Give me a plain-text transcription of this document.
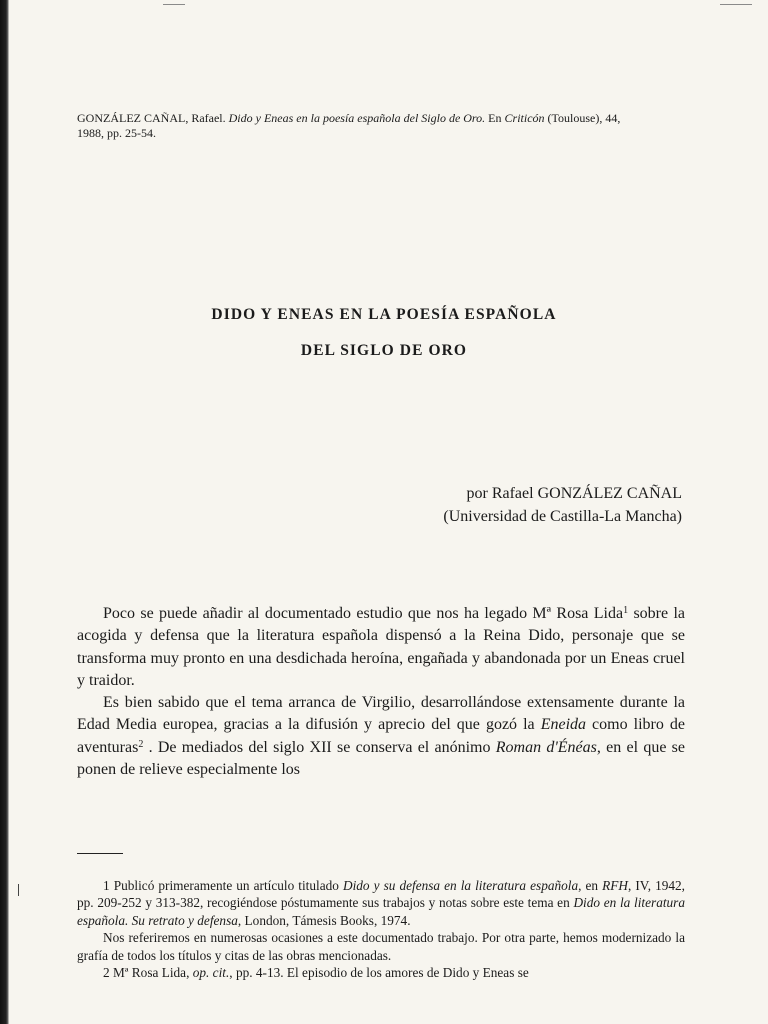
GONZÁLEZ CAÑAL, Rafael. Dido y Eneas en la poesía española del Siglo de Oro. En Criticón (Toulouse), 44,
1988, pp. 25-54.
DIDO Y ENEAS EN LA POESÍA ESPAÑOLA
DEL SIGLO DE ORO
por Rafael GONZÁLEZ CAÑAL
(Universidad de Castilla-La Mancha)

Poco se puede añadir al documentado estudio que nos ha legado Mª Rosa Lida$^1$ sobre la acogida y defensa que la literatura española dispensó a la Reina Dido, personaje que se transforma muy pronto en una desdichada heroína, engañada y abandonada por un Eneas cruel y traidor.

Es bien sabido que el tema arranca de Virgilio, desarrollándose extensamente durante la Edad Media europea, gracias a la difusión y aprecio del que gozó la Eneida como libro de aventuras$^2$ . De mediados del siglo XII se conserva el anónimo Roman d'Énéas, en el que se ponen de relieve especialmente los

1 Publicó primeramente un artículo titulado Dido y su defensa en la literatura española, en RFH, IV, 1942, pp. 209-252 y 313-382, recogiéndose póstumamente sus trabajos y notas sobre este tema en Dido en la literatura española. Su retrato y defensa, London, Támesis Books, 1974.

Nos referiremos en numerosas ocasiones a este documentado trabajo. Por otra parte, hemos modernizado la grafía de todos los títulos y citas de las obras mencionadas.

2 Mª Rosa Lida, op. cit., pp. 4-13. El episodio de los amores de Dido y Eneas se
